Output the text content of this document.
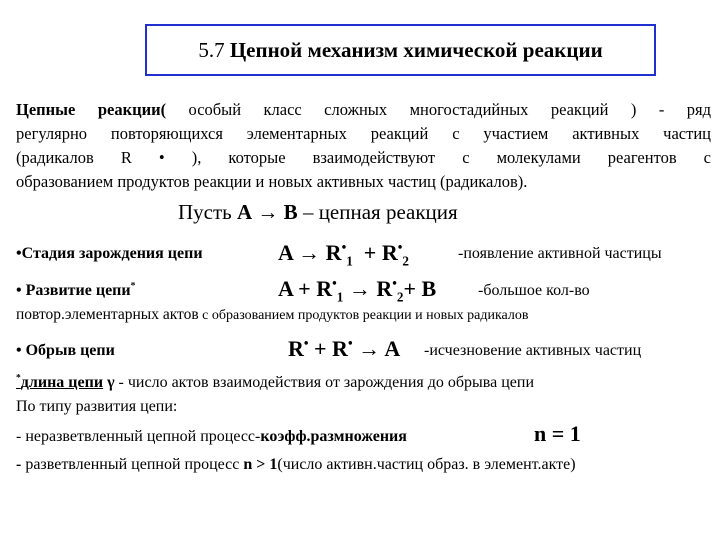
5.7
Цепной механизм химической реакции
Цепные реакции( особый класс сложных многостадийных реакций ) - ряд
регулярно повторяющихся элементарных реакций с участием активных частиц
(радикалов R • ), которые взаимодействуют с молекулами реагентов с
образованием продуктов реакции и новых активных частиц (радикалов).
Пусть A → B – цепная реакция
•Стадия зарождения цепи	$A \to R^•_1 + R^•_2$	-появление активной частицы
• Развитие цепи*	$A + R^•_1 \to R^•_2+ B$	-большое кол-во
повтор.элементарных актов с образованием продуктов реакции и новых радикалов
• Обрыв цепи	R• + R• → A -исчезновение активных частиц
*длина цепи γ - число актов взаимодействия от зарождения до обрыва цепи
По типу развития цепи:
- неразветвленный цепной процесс-коэфф.размножения	n = 1
- разветвленный цепной процесс n > 1(число активн.частиц образ. в элемент.акте)
